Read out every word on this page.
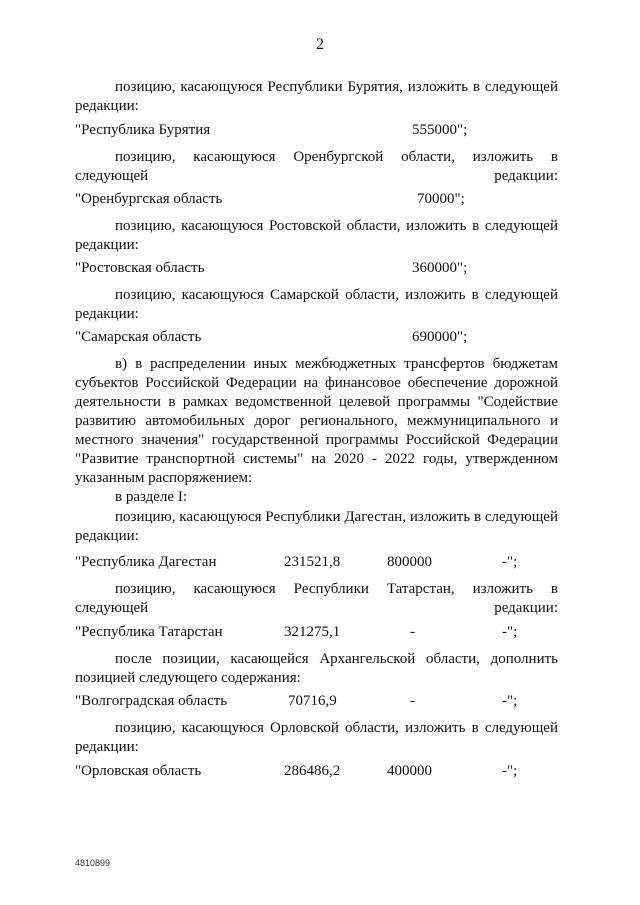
2
позицию, касающуюся Республики Бурятия, изложить в следующей редакции:
"Республика Бурятия	555000";
позицию, касающуюся Оренбургской области, изложить в следующей редакции:
"Оренбургская область	70000";
позицию, касающуюся Ростовской области, изложить в следующей редакции:
"Ростовская область	360000";
позицию, касающуюся Самарской области, изложить в следующей редакции:
"Самарская область	690000";
в) в распределении иных межбюджетных трансфертов бюджетам субъектов Российской Федерации на финансовое обеспечение дорожной деятельности в рамках ведомственной целевой программы "Содействие развитию автомобильных дорог регионального, межмуниципального и местного значения" государственной программы Российской Федерации "Развитие транспортной системы" на 2020 - 2022 годы, утвержденном указанным распоряжением:
в разделе I:
позицию, касающуюся Республики Дагестан, изложить в следующей редакции:
"Республика Дагестан	231521,8	800000	-";
позицию, касающуюся Республики Татарстан, изложить в следующей редакции:
"Республика Татарстан	321275,1	-	-";
после позиции, касающейся Архангельской области, дополнить позицией следующего содержания:
"Волгоградская область	70716,9	-	-";
позицию, касающуюся Орловской области, изложить в следующей редакции:
"Орловская область	286486,2	400000	-";
4810899
